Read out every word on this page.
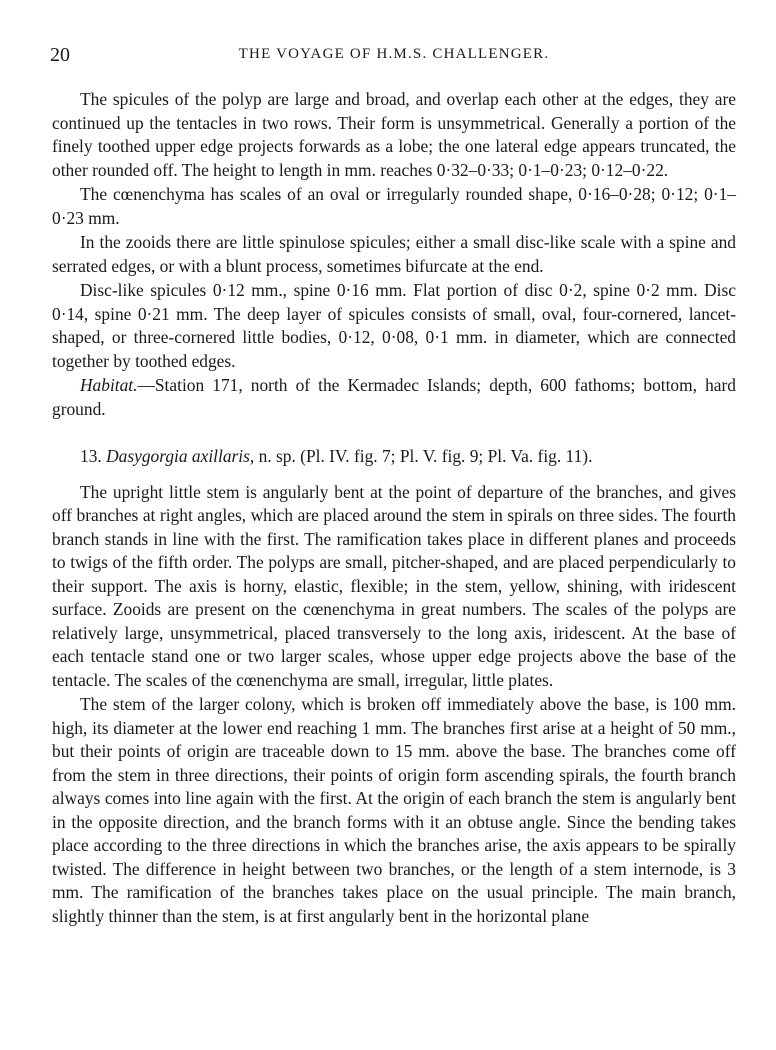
20	THE VOYAGE OF H.M.S. CHALLENGER.

The spicules of the polyp are large and broad, and overlap each other at the edges, they are continued up the tentacles in two rows. Their form is unsymmetrical. Generally a portion of the finely toothed upper edge projects forwards as a lobe; the one lateral edge appears truncated, the other rounded off. The height to length in mm. reaches 0·32–0·33; 0·1–0·23; 0·12–0·22.

The cœnenchyma has scales of an oval or irregularly rounded shape, 0·16–0·28; 0·12; 0·1–0·23 mm.

In the zooids there are little spinulose spicules; either a small disc-like scale with a spine and serrated edges, or with a blunt process, sometimes bifurcate at the end.

Disc-like spicules 0·12 mm., spine 0·16 mm. Flat portion of disc 0·2, spine 0·2 mm. Disc 0·14, spine 0·21 mm. The deep layer of spicules consists of small, oval, four-cornered, lancet-shaped, or three-cornered little bodies, 0·12, 0·08, 0·1 mm. in diameter, which are connected together by toothed edges.

Habitat.—Station 171, north of the Kermadec Islands; depth, 600 fathoms; bottom, hard ground.

13. Dasygorgia axillaris, n. sp. (Pl. IV. fig. 7; Pl. V. fig. 9; Pl. Va. fig. 11).

The upright little stem is angularly bent at the point of departure of the branches, and gives off branches at right angles, which are placed around the stem in spirals on three sides. The fourth branch stands in line with the first. The ramification takes place in different planes and proceeds to twigs of the fifth order. The polyps are small, pitcher-shaped, and are placed perpendicularly to their support. The axis is horny, elastic, flexible; in the stem, yellow, shining, with iridescent surface. Zooids are present on the cœnenchyma in great numbers. The scales of the polyps are relatively large, unsymmetrical, placed transversely to the long axis, iridescent. At the base of each tentacle stand one or two larger scales, whose upper edge projects above the base of the tentacle. The scales of the cœnenchyma are small, irregular, little plates.

The stem of the larger colony, which is broken off immediately above the base, is 100 mm. high, its diameter at the lower end reaching 1 mm. The branches first arise at a height of 50 mm., but their points of origin are traceable down to 15 mm. above the base. The branches come off from the stem in three directions, their points of origin form ascending spirals, the fourth branch always comes into line again with the first. At the origin of each branch the stem is angularly bent in the opposite direction, and the branch forms with it an obtuse angle. Since the bending takes place according to the three directions in which the branches arise, the axis appears to be spirally twisted. The difference in height between two branches, or the length of a stem internode, is 3 mm. The ramification of the branches takes place on the usual principle. The main branch, slightly thinner than the stem, is at first angularly bent in the horizontal plane
